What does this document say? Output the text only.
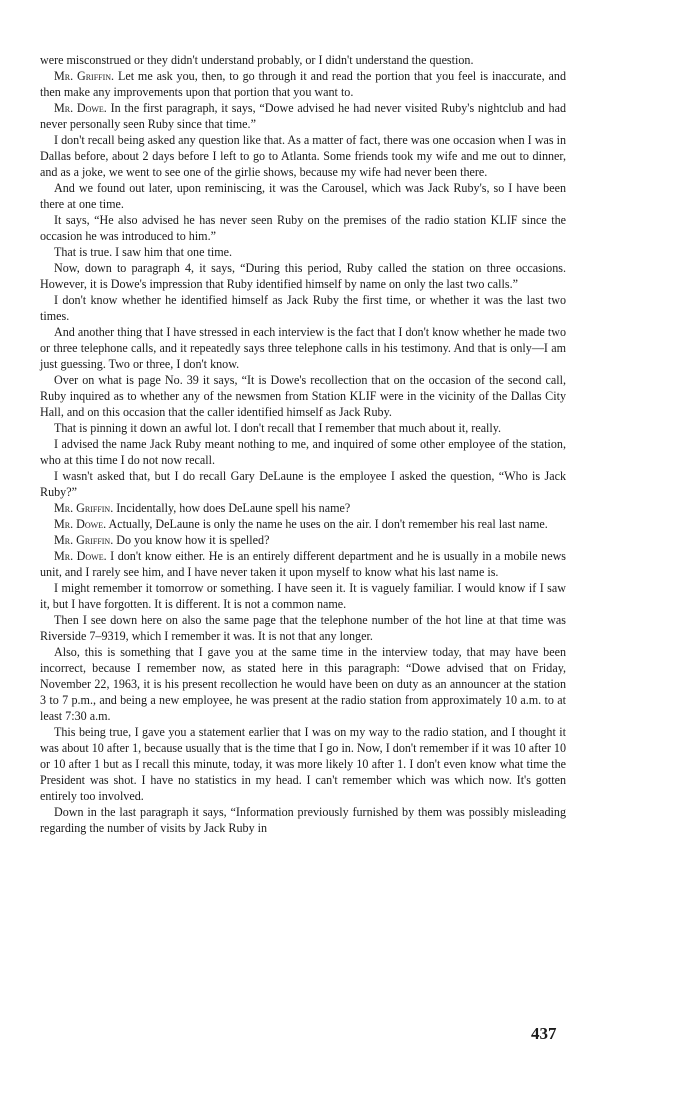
were misconstrued or they didn't understand probably, or I didn't understand the question.

Mr. Griffin. Let me ask you, then, to go through it and read the portion that you feel is inaccurate, and then make any improvements upon that portion that you want to.

Mr. Dowe. In the first paragraph, it says, “Dowe advised he had never visited Ruby's nightclub and had never personally seen Ruby since that time.”

I don't recall being asked any question like that. As a matter of fact, there was one occasion when I was in Dallas before, about 2 days before I left to go to Atlanta. Some friends took my wife and me out to dinner, and as a joke, we went to see one of the girlie shows, because my wife had never been there.

And we found out later, upon reminiscing, it was the Carousel, which was Jack Ruby's, so I have been there at one time.

It says, “He also advised he has never seen Ruby on the premises of the radio station KLIF since the occasion he was introduced to him.”

That is true. I saw him that one time.

Now, down to paragraph 4, it says, “During this period, Ruby called the station on three occasions. However, it is Dowe's impression that Ruby identified himself by name on only the last two calls.”

I don't know whether he identified himself as Jack Ruby the first time, or whether it was the last two times.

And another thing that I have stressed in each interview is the fact that I don't know whether he made two or three telephone calls, and it repeatedly says three telephone calls in his testimony. And that is only—I am just guessing. Two or three, I don't know.

Over on what is page No. 39 it says, “It is Dowe's recollection that on the occasion of the second call, Ruby inquired as to whether any of the newsmen from Station KLIF were in the vicinity of the Dallas City Hall, and on this occasion that the caller identified himself as Jack Ruby.

That is pinning it down an awful lot. I don't recall that I remember that much about it, really.

I advised the name Jack Ruby meant nothing to me, and inquired of some other employee of the station, who at this time I do not now recall.

I wasn't asked that, but I do recall Gary DeLaune is the employee I asked the question, “Who is Jack Ruby?”

Mr. Griffin. Incidentally, how does DeLaune spell his name?

Mr. Dowe. Actually, DeLaune is only the name he uses on the air. I don't remember his real last name.

Mr. Griffin. Do you know how it is spelled?

Mr. Dowe. I don't know either. He is an entirely different department and he is usually in a mobile news unit, and I rarely see him, and I have never taken it upon myself to know what his last name is.

I might remember it tomorrow or something. I have seen it. It is vaguely familiar. I would know if I saw it, but I have forgotten. It is different. It is not a common name.

Then I see down here on also the same page that the telephone number of the hot line at that time was Riverside 7–9319, which I remember it was. It is not that any longer.

Also, this is something that I gave you at the same time in the interview today, that may have been incorrect, because I remember now, as stated here in this paragraph: “Dowe advised that on Friday, November 22, 1963, it is his present recollection he would have been on duty as an announcer at the station 3 to 7 p.m., and being a new employee, he was present at the radio station from approximately 10 a.m. to at least 7:30 a.m.

This being true, I gave you a statement earlier that I was on my way to the radio station, and I thought it was about 10 after 1, because usually that is the time that I go in. Now, I don't remember if it was 10 after 10 or 10 after 1 but as I recall this minute, today, it was more likely 10 after 1. I don't even know what time the President was shot. I have no statistics in my head. I can't remember which was which now. It's gotten entirely too involved.

Down in the last paragraph it says, “Information previously furnished by them was possibly misleading regarding the number of visits by Jack Ruby in

437
